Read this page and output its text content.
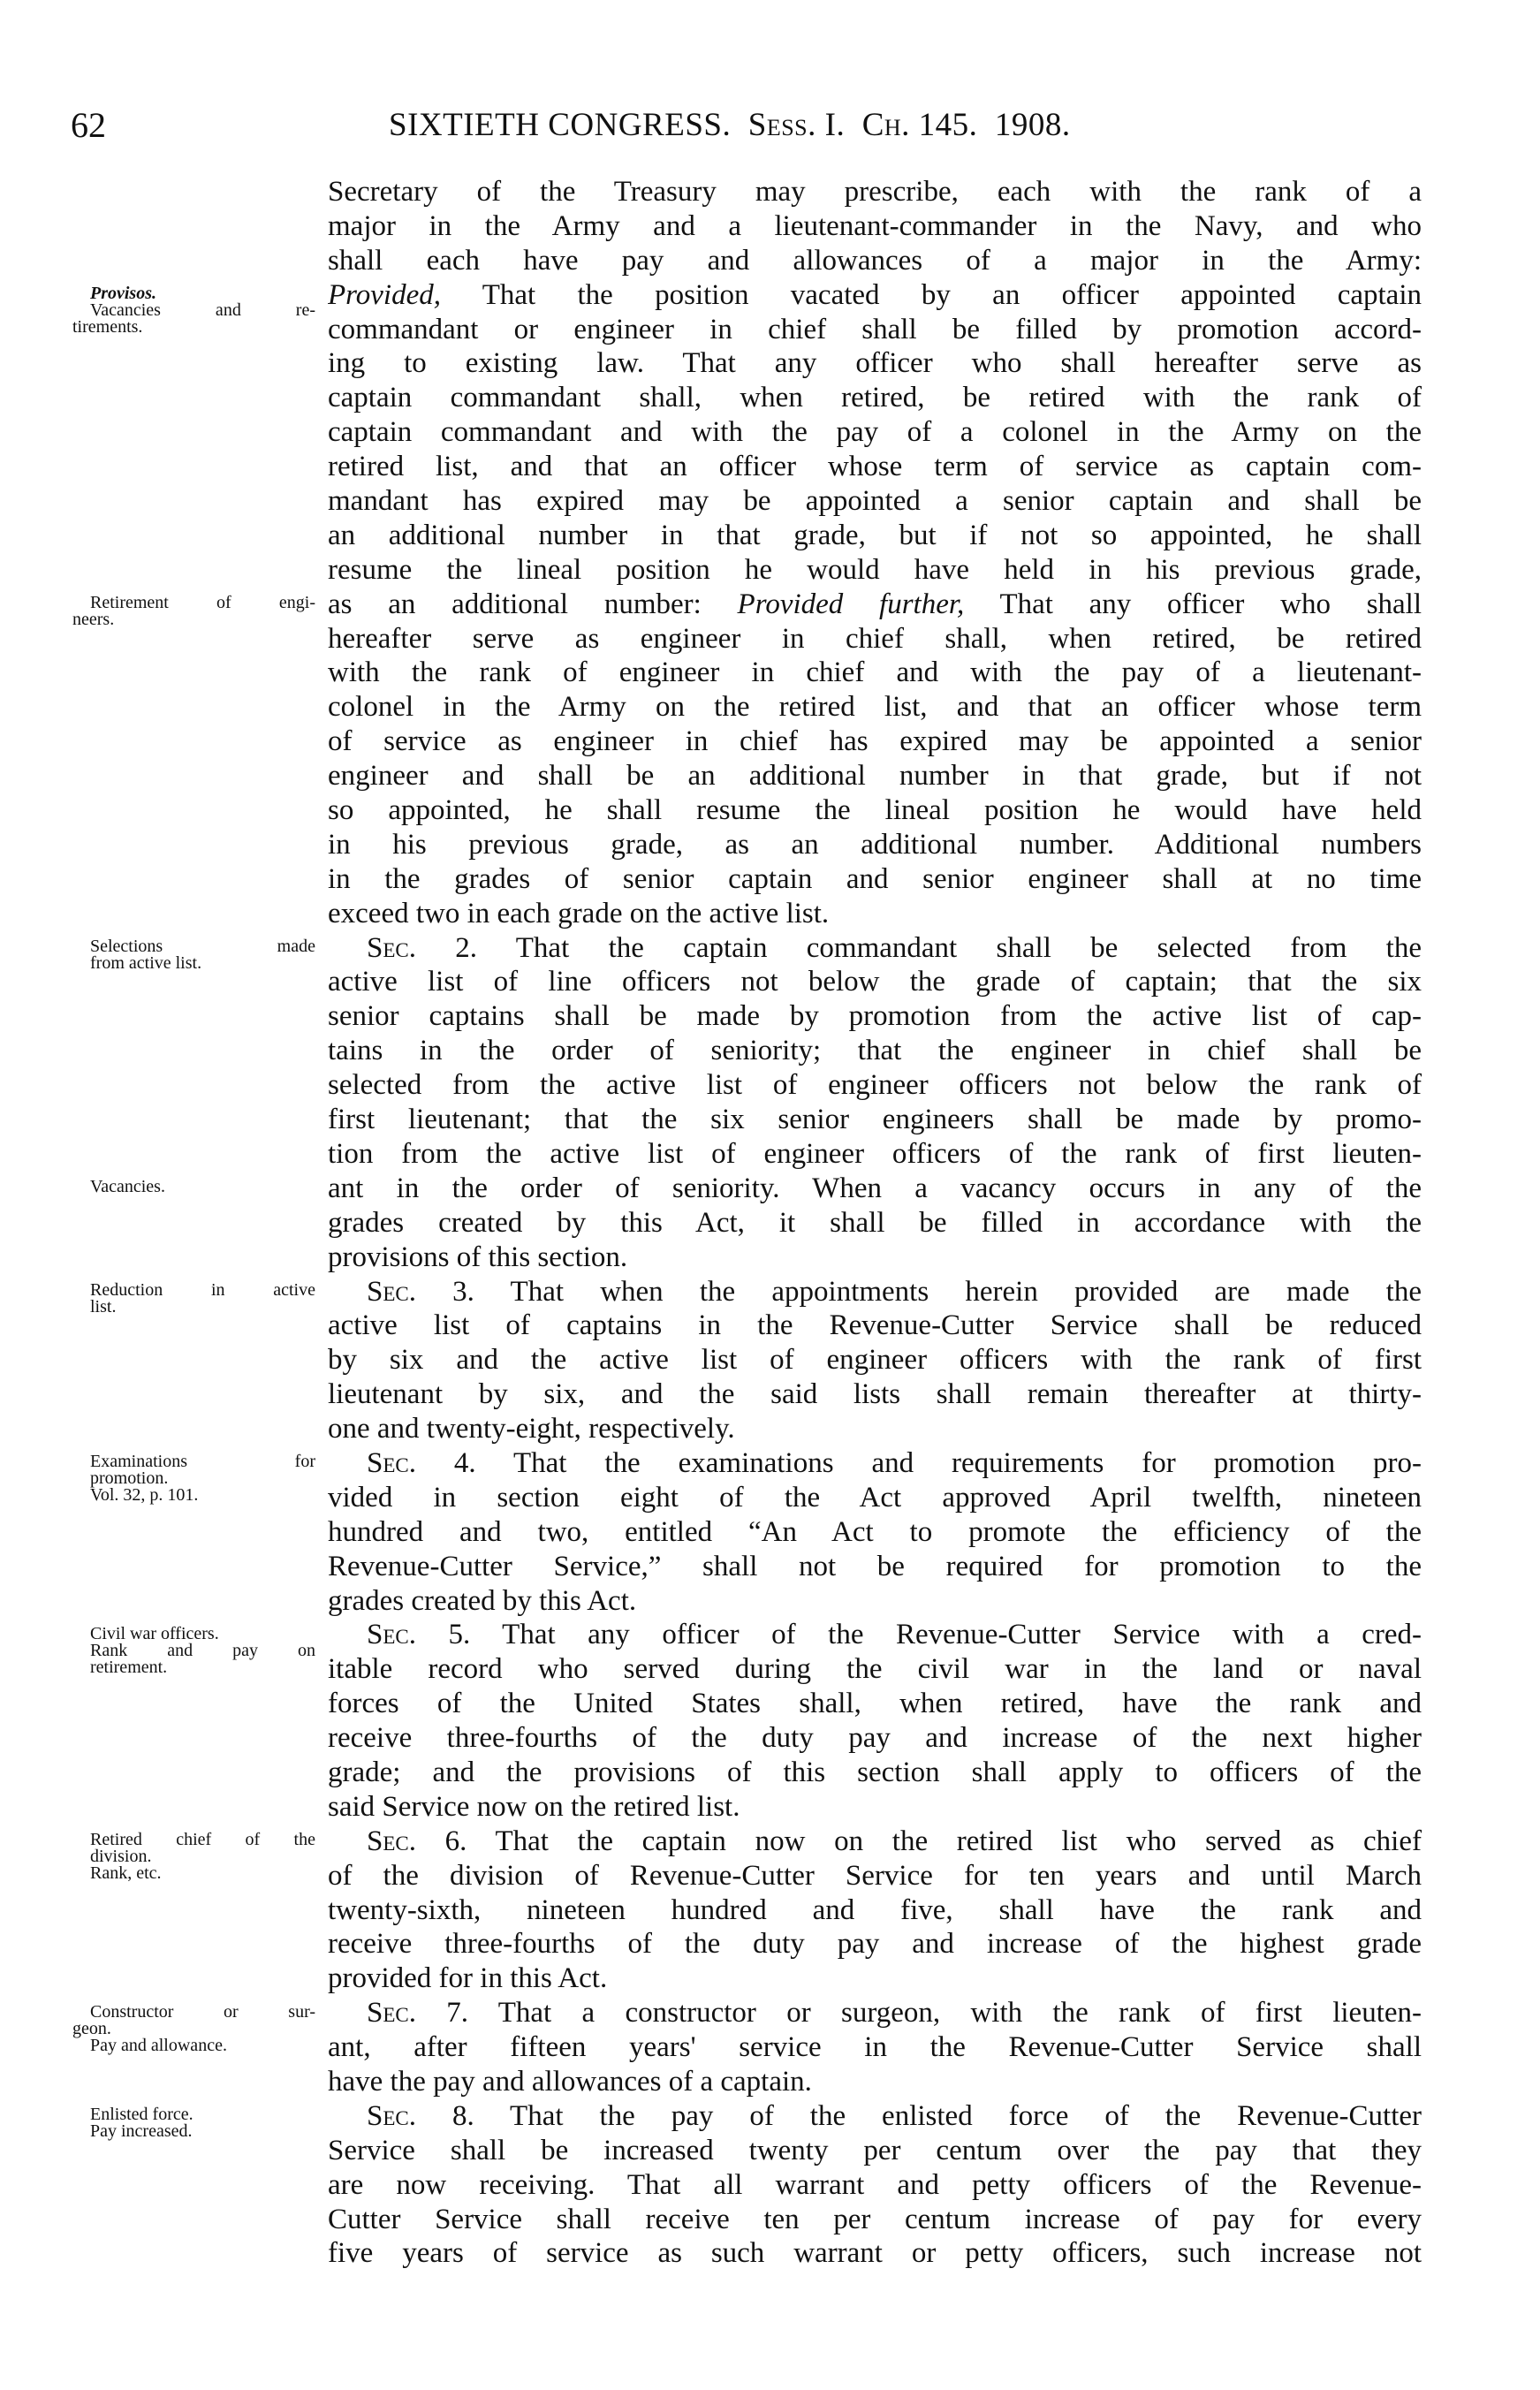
62	SIXTIETH CONGRESS. Sess. I. Ch. 145. 1908.
Secretary of the Treasury may prescribe, each with the rank of a
major in the Army and a lieutenant-commander in the Navy, and who
shall each have pay and allowances of a major in the Army:
Provided, That the position vacated by an officer appointed captain
commandant or engineer in chief shall be filled by promotion accord-
ing to existing law. That any officer who shall hereafter serve as
captain commandant shall, when retired, be retired with the rank of
captain commandant and with the pay of a colonel in the Army on the
retired list, and that an officer whose term of service as captain com-
mandant has expired may be appointed a senior captain and shall be
an additional number in that grade, but if not so appointed, he shall
resume the lineal position he would have held in his previous grade,
as an additional number: Provided further, That any officer who shall
hereafter serve as engineer in chief shall, when retired, be retired
with the rank of engineer in chief and with the pay of a lieutenant-
colonel in the Army on the retired list, and that an officer whose term
of service as engineer in chief has expired may be appointed a senior
engineer and shall be an additional number in that grade, but if not
so appointed, he shall resume the lineal position he would have held
in his previous grade, as an additional number. Additional numbers
in the grades of senior captain and senior engineer shall at no time
exceed two in each grade on the active list.
Sec. 2. That the captain commandant shall be selected from the
active list of line officers not below the grade of captain; that the six
senior captains shall be made by promotion from the active list of cap-
tains in the order of seniority; that the engineer in chief shall be
selected from the active list of engineer officers not below the rank of
first lieutenant; that the six senior engineers shall be made by promo-
tion from the active list of engineer officers of the rank of first lieuten-
ant in the order of seniority. When a vacancy occurs in any of the
grades created by this Act, it shall be filled in accordance with the
provisions of this section.
Sec. 3. That when the appointments herein provided are made the
active list of captains in the Revenue-Cutter Service shall be reduced
by six and the active list of engineer officers with the rank of first
lieutenant by six, and the said lists shall remain thereafter at thirty-
one and twenty-eight, respectively.
Sec. 4. That the examinations and requirements for promotion pro-
vided in section eight of the Act approved April twelfth, nineteen
hundred and two, entitled “An Act to promote the efficiency of the
Revenue-Cutter Service,” shall not be required for promotion to the
grades created by this Act.
Sec. 5. That any officer of the Revenue-Cutter Service with a cred-
itable record who served during the civil war in the land or naval
forces of the United States shall, when retired, have the rank and
receive three-fourths of the duty pay and increase of the next higher
grade; and the provisions of this section shall apply to officers of the
said Service now on the retired list.
Sec. 6. That the captain now on the retired list who served as chief
of the division of Revenue-Cutter Service for ten years and until March
twenty-sixth, nineteen hundred and five, shall have the rank and
receive three-fourths of the duty pay and increase of the highest grade
provided for in this Act.
Sec. 7. That a constructor or surgeon, with the rank of first lieuten-
ant, after fifteen years' service in the Revenue-Cutter Service shall
have the pay and allowances of a captain.
Sec. 8. That the pay of the enlisted force of the Revenue-Cutter
Service shall be increased twenty per centum over the pay that they
are now receiving. That all warrant and petty officers of the Revenue-
Cutter Service shall receive ten per centum increase of pay for every
five years of service as such warrant or petty officers, such increase not
Provisos.
Vacancies and re-
tirements.
Retirement of engi-
neers.
Selections made
from active list.
Vacancies.
Reduction in active
list.
Examinations for
promotion.
Vol. 32, p. 101.
Civil war officers.
Rank and pay on
retirement.
Retired chief of the
division.
Rank, etc.
Constructor or sur-
geon.
Pay and allowance.
Enlisted force.
Pay increased.
